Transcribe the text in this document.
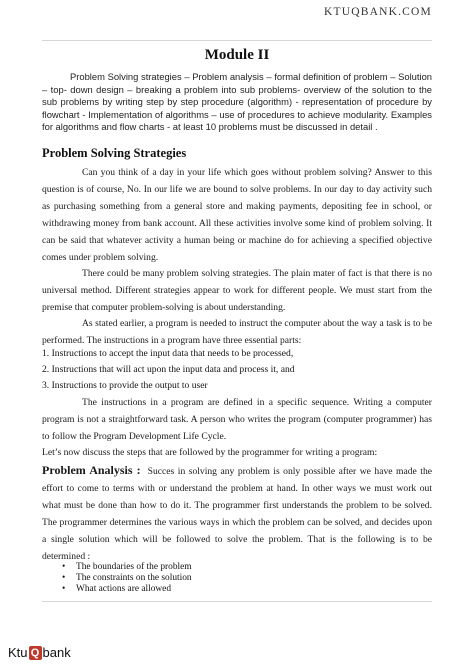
KTUQBANK.COM
Module II

Problem Solving strategies – Problem analysis – formal definition of problem – Solution – top- down design – breaking a problem into sub problems- overview of the solution to the sub problems by writing step by step procedure (algorithm) - representation of procedure by flowchart - Implementation of algorithms – use of procedures to achieve modularity. Examples for algorithms and flow charts - at least 10 problems must be discussed in detail .

Problem Solving Strategies

Can you think of a day in your life which goes without problem solving? Answer to this question is of course, No. In our life we are bound to solve problems. In our day to day activity such as purchasing something from a general store and making payments, depositing fee in school, or withdrawing money from bank account. All these activities involve some kind of problem solving. It can be said that whatever activity a human being or machine do for achieving a specified objective comes under problem solving.

There could be many problem solving strategies. The plain mater of fact is that there is no universal method. Different strategies appear to work for different people. We must start from the premise that computer problem-solving is about understanding.

As stated earlier, a program is needed to instruct the computer about the way a task is to be performed. The instructions in a program have three essential parts:

1. Instructions to accept the input data that needs to be processed,

2. Instructions that will act upon the input data and process it, and

3. Instructions to provide the output to user

The instructions in a program are defined in a specific sequence. Writing a computer program is not a straightforward task. A person who writes the program (computer programmer) has to follow the Program Development Life Cycle.

Let’s now discuss the steps that are followed by the programmer for writing a program:

Problem Analysis : Succes in solving any problem is only possible after we have made the effort to come to terms with or understand the problem at hand. In other ways we must work out what must be done than how to do it. The programmer first understands the problem to be solved. The programmer determines the various ways in which the problem can be solved, and decides upon a single solution which will be followed to solve the problem. That is the following is to be determined :

• The boundaries of the problem
• The constraints on the solution
• What actions are allowed
Ktu Q bank
